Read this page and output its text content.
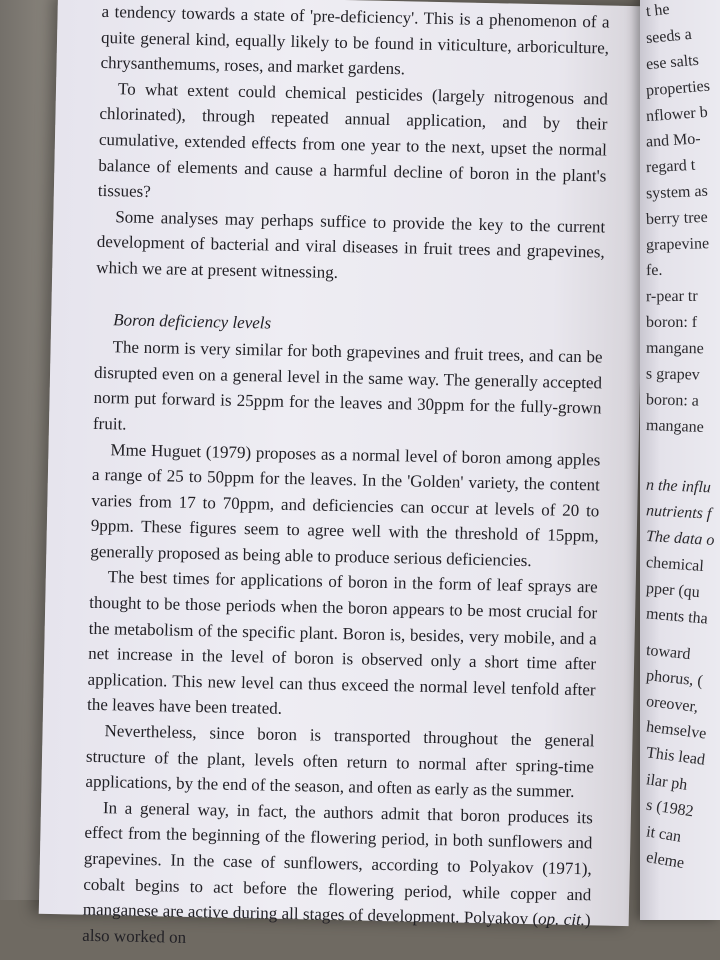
a tendency towards a state of 'pre-deficiency'. This is a phenomenon of a quite general kind, equally likely to be found in viticulture, arboriculture, chrysanthemums, roses, and market gardens.

To what extent could chemical pesticides (largely nitrogenous and chlorinated), through repeated annual application, and by their cumulative, extended effects from one year to the next, upset the normal balance of elements and cause a harmful decline of boron in the plant's tissues?

Some analyses may perhaps suffice to provide the key to the current development of bacterial and viral diseases in fruit trees and grapevines, which we are at present witnessing.

Boron deficiency levels

The norm is very similar for both grapevines and fruit trees, and can be disrupted even on a general level in the same way. The generally accepted norm put forward is 25ppm for the leaves and 30ppm for the fully-grown fruit.

Mme Huguet (1979) proposes as a normal level of boron among apples a range of 25 to 50ppm for the leaves. In the 'Golden' variety, the content varies from 17 to 70ppm, and deficiencies can occur at levels of 20 to 9ppm. These figures seem to agree well with the threshold of 15ppm, generally proposed as being able to produce serious deficiencies.

The best times for applications of boron in the form of leaf sprays are thought to be those periods when the boron appears to be most crucial for the metabolism of the specific plant. Boron is, besides, very mobile, and a net increase in the level of boron is observed only a short time after application. This new level can thus exceed the normal level tenfold after the leaves have been treated.

Nevertheless, since boron is transported throughout the general structure of the plant, levels often return to normal after spring-time applications, by the end of the season, and often as early as the summer.

In a general way, in fact, the authors admit that boron produces its effect from the beginning of the flowering period, in both sunflowers and grapevines. In the case of sunflowers, according to Polyakov (1971), cobalt begins to act before the flowering period, while copper and manganese are active during all stages of development. Polyakov (op. cit.) also worked on

t he
seeds a
ese salts
properties
nflower b
and Mo-
regard t
system as
berry tree
grapevine
fe.
r-pear tr
boron: f
mangane
s grapev
boron: a
mangane
n the influ
nutrients f
The data o
chemical
pper (qu
ments tha
toward
phorus, (
oreover,
hemselve
This lead
ilar ph
s (1982
it can
eleme
